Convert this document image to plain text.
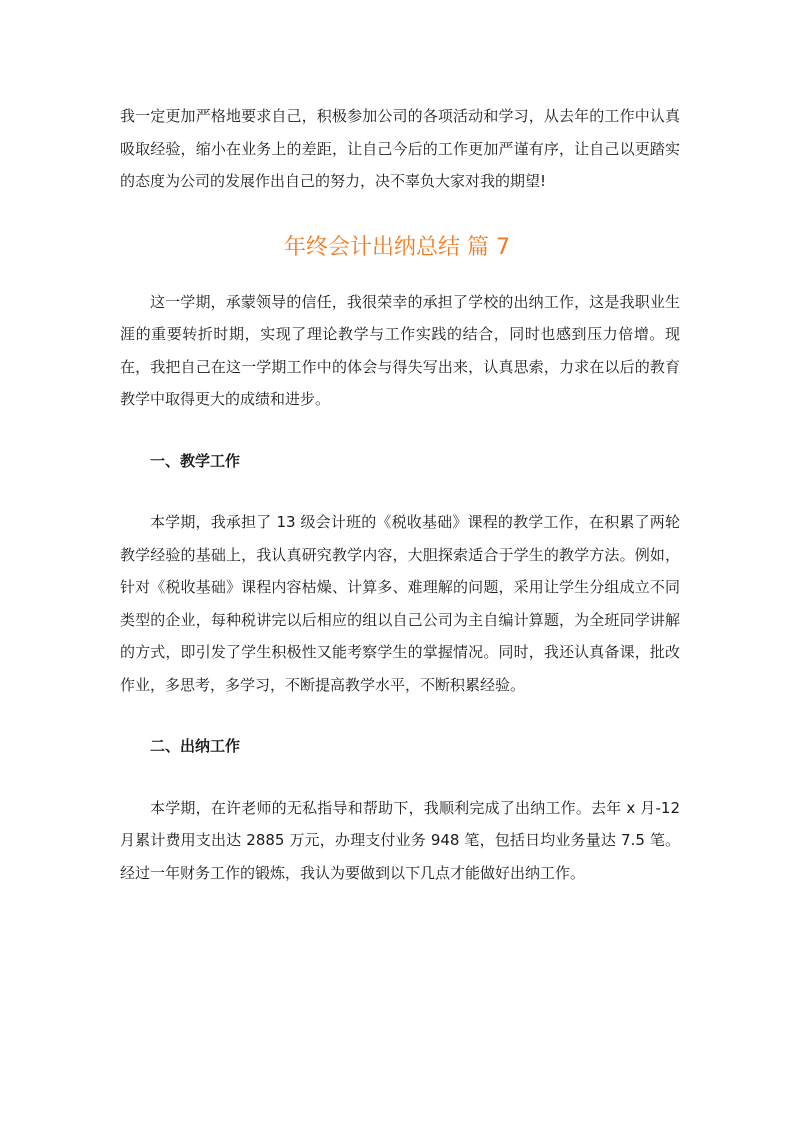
我一定更加严格地要求自己，积极参加公司的各项活动和学习，从去年的工作中认真吸取经验，缩小在业务上的差距，让自己今后的工作更加严谨有序，让自己以更踏实的态度为公司的发展作出自己的努力，决不辜负大家对我的期望!

年终会计出纳总结 篇 7

这一学期，承蒙领导的信任，我很荣幸的承担了学校的出纳工作，这是我职业生涯的重要转折时期，实现了理论教学与工作实践的结合，同时也感到压力倍增。现在，我把自己在这一学期工作中的体会与得失写出来，认真思索，力求在以后的教育教学中取得更大的成绩和进步。

一、教学工作

本学期，我承担了 13 级会计班的《税收基础》课程的教学工作，在积累了两轮教学经验的基础上，我认真研究教学内容，大胆探索适合于学生的教学方法。例如，针对《税收基础》课程内容枯燥、计算多、难理解的问题，采用让学生分组成立不同类型的企业，每种税讲完以后相应的组以自己公司为主自编计算题，为全班同学讲解的方式，即引发了学生积极性又能考察学生的掌握情况。同时，我还认真备课，批改作业，多思考，多学习，不断提高教学水平，不断积累经验。

二、出纳工作

本学期，在许老师的无私指导和帮助下，我顺利完成了出纳工作。去年 x 月-12 月累计费用支出达 2885 万元，办理支付业务 948 笔，包括日均业务量达 7.5 笔。经过一年财务工作的锻炼，我认为要做到以下几点才能做好出纳工作。
